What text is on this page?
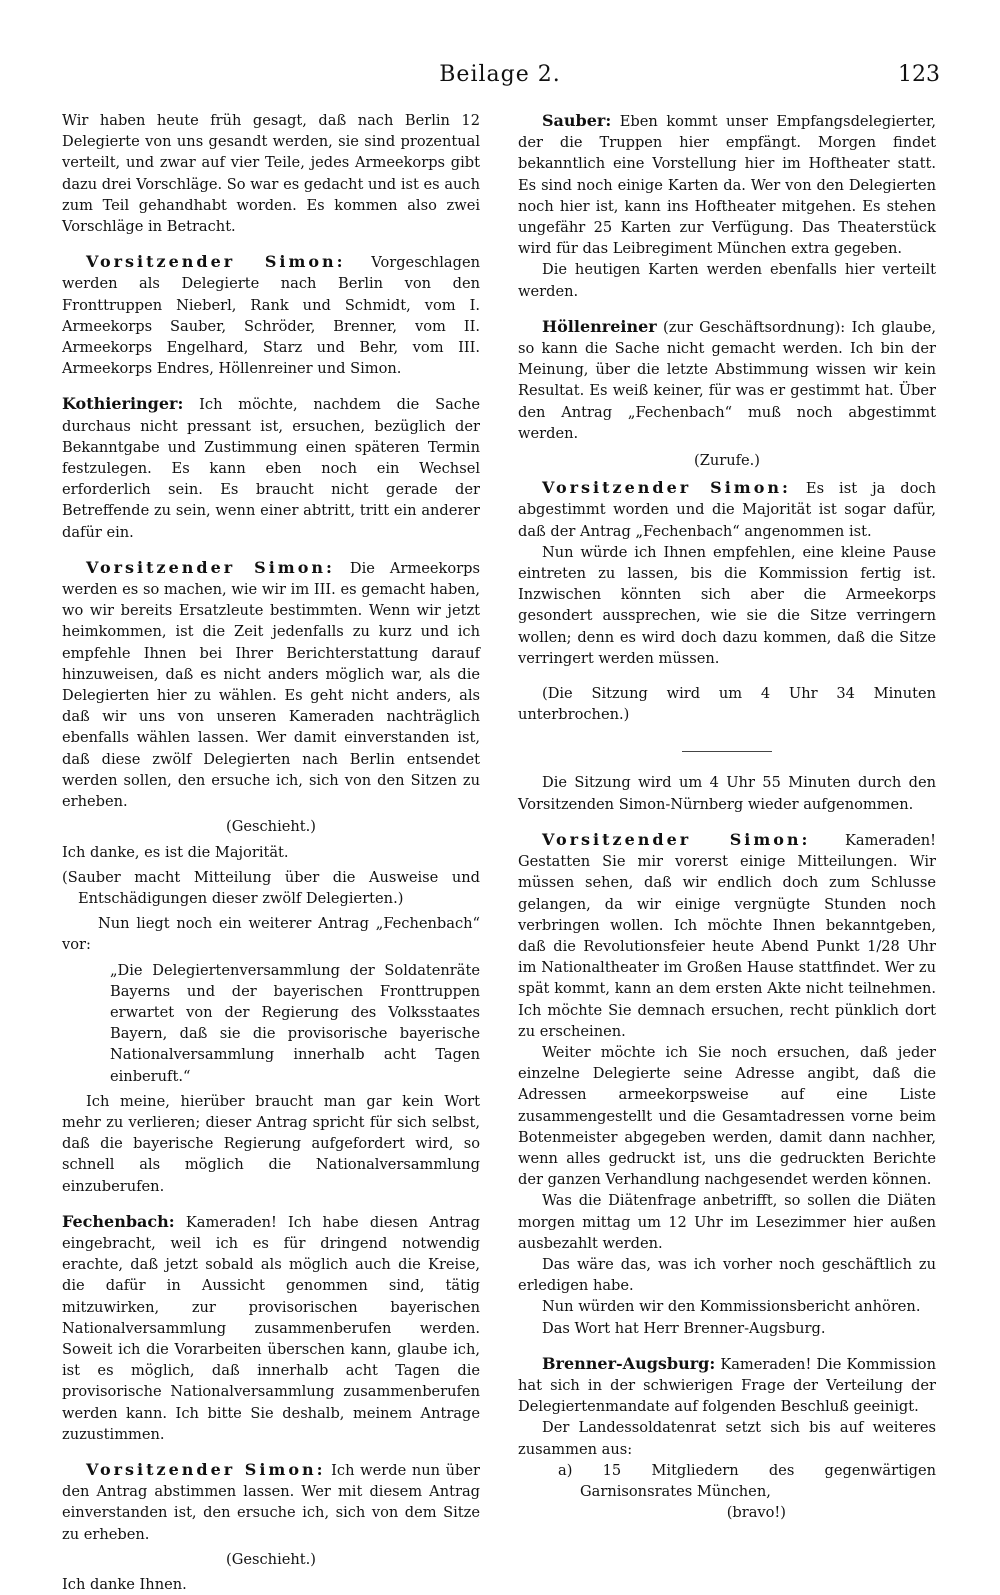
Beilage 2.	123

Wir haben heute früh gesagt, daß nach Berlin 12 Delegierte von uns gesandt werden, sie sind prozentual verteilt, und zwar auf vier Teile, jedes Armeekorps gibt dazu drei Vorschläge. So war es gedacht und ist es auch zum Teil gehandhabt worden. Es kommen also zwei Vorschläge in Betracht.

Vorsitzender Simon: Vorgeschlagen werden als Delegierte nach Berlin von den Fronttruppen Nieberl, Rank und Schmidt, vom I. Armeekorps Sauber, Schröder, Brenner, vom II. Armeekorps Engelhard, Starz und Behr, vom III. Armeekorps Endres, Höllenreiner und Simon.

Kothieringer: Ich möchte, nachdem die Sache durchaus nicht pressant ist, ersuchen, bezüglich der Bekanntgabe und Zustimmung einen späteren Termin festzulegen. Es kann eben noch ein Wechsel erforderlich sein. Es braucht nicht gerade der Betreffende zu sein, wenn einer abtritt, tritt ein anderer dafür ein.

Vorsitzender Simon: Die Armeekorps werden es so machen, wie wir im III. es gemacht haben, wo wir bereits Ersatzleute bestimmten. Wenn wir jetzt heimkommen, ist die Zeit jedenfalls zu kurz und ich empfehle Ihnen bei Ihrer Berichterstattung darauf hinzuweisen, daß es nicht anders möglich war, als die Delegierten hier zu wählen. Es geht nicht anders, als daß wir uns von unseren Kameraden nachträglich ebenfalls wählen lassen. Wer damit einverstanden ist, daß diese zwölf Delegierten nach Berlin entsendet werden sollen, den ersuche ich, sich von den Sitzen zu erheben.

(Geschieht.)

Ich danke, es ist die Majorität.

(Sauber macht Mitteilung über die Ausweise und Entschädigungen dieser zwölf Delegierten.)

Nun liegt noch ein weiterer Antrag „Fechenbach“ vor:

„Die Delegiertenversammlung der Soldatenräte Bayerns und der bayerischen Fronttruppen erwartet von der Regierung des Volksstaates Bayern, daß sie die provisorische bayerische Nationalversammlung innerhalb acht Tagen einberuft.“

Ich meine, hierüber braucht man gar kein Wort mehr zu verlieren; dieser Antrag spricht für sich selbst, daß die bayerische Regierung aufgefordert wird, so schnell als möglich die Nationalversammlung einzuberufen.

Fechenbach: Kameraden! Ich habe diesen Antrag eingebracht, weil ich es für dringend notwendig erachte, daß jetzt sobald als möglich auch die Kreise, die dafür in Aussicht genommen sind, tätig mitzuwirken, zur provisorischen bayerischen Nationalversammlung zusammenberufen werden. Soweit ich die Vorarbeiten überschen kann, glaube ich, ist es möglich, daß innerhalb acht Tagen die provisorische Nationalversammlung zusammenberufen werden kann. Ich bitte Sie deshalb, meinem Antrage zuzustimmen.

Vorsitzender Simon: Ich werde nun über den Antrag abstimmen lassen. Wer mit diesem Antrag einverstanden ist, den ersuche ich, sich von dem Sitze zu erheben.

(Geschieht.)

Ich danke Ihnen.

Sauber: Eben kommt unser Empfangsdelegierter, der die Truppen hier empfängt. Morgen findet bekanntlich eine Vorstellung hier im Hoftheater statt. Es sind noch einige Karten da. Wer von den Delegierten noch hier ist, kann ins Hoftheater mitgehen. Es stehen ungefähr 25 Karten zur Verfügung. Das Theaterstück wird für das Leibregiment München extra gegeben.

Die heutigen Karten werden ebenfalls hier verteilt werden.

Höllenreiner (zur Geschäftsordnung): Ich glaube, so kann die Sache nicht gemacht werden. Ich bin der Meinung, über die letzte Abstimmung wissen wir kein Resultat. Es weiß keiner, für was er gestimmt hat. Über den Antrag „Fechenbach“ muß noch abgestimmt werden.

(Zurufe.)

Vorsitzender Simon: Es ist ja doch abgestimmt worden und die Majorität ist sogar dafür, daß der Antrag „Fechenbach“ angenommen ist.

Nun würde ich Ihnen empfehlen, eine kleine Pause eintreten zu lassen, bis die Kommission fertig ist. Inzwischen könnten sich aber die Armeekorps gesondert aussprechen, wie sie die Sitze verringern wollen; denn es wird doch dazu kommen, daß die Sitze verringert werden müssen.

(Die Sitzung wird um 4 Uhr 34 Minuten unterbrochen.)

Die Sitzung wird um 4 Uhr 55 Minuten durch den Vorsitzenden Simon-Nürnberg wieder aufgenommen.

Vorsitzender Simon: Kameraden! Gestatten Sie mir vorerst einige Mitteilungen. Wir müssen sehen, daß wir endlich doch zum Schlusse gelangen, da wir einige vergnügte Stunden noch verbringen wollen. Ich möchte Ihnen bekanntgeben, daß die Revolutionsfeier heute Abend Punkt 1/28 Uhr im Nationaltheater im Großen Hause stattfindet. Wer zu spät kommt, kann an dem ersten Akte nicht teilnehmen. Ich möchte Sie demnach ersuchen, recht pünklich dort zu erscheinen.

Weiter möchte ich Sie noch ersuchen, daß jeder einzelne Delegierte seine Adresse angibt, daß die Adressen armeekorpsweise auf eine Liste zusammengestellt und die Gesamtadressen vorne beim Botenmeister abgegeben werden, damit dann nachher, wenn alles gedruckt ist, uns die gedruckten Berichte der ganzen Verhandlung nachgesendet werden können.

Was die Diätenfrage anbetrifft, so sollen die Diäten morgen mittag um 12 Uhr im Lesezimmer hier außen ausbezahlt werden.

Das wäre das, was ich vorher noch geschäftlich zu erledigen habe.

Nun würden wir den Kommissionsbericht anhören.

Das Wort hat Herr Brenner-Augsburg.

Brenner-Augsburg: Kameraden! Die Kommission hat sich in der schwierigen Frage der Verteilung der Delegiertenmandate auf folgenden Beschluß geeinigt.

Der Landessoldatenrat setzt sich bis auf weiteres zusammen aus:

a) 15 Mitgliedern des gegenwärtigen Garnisonsrates München,

(bravo!)
